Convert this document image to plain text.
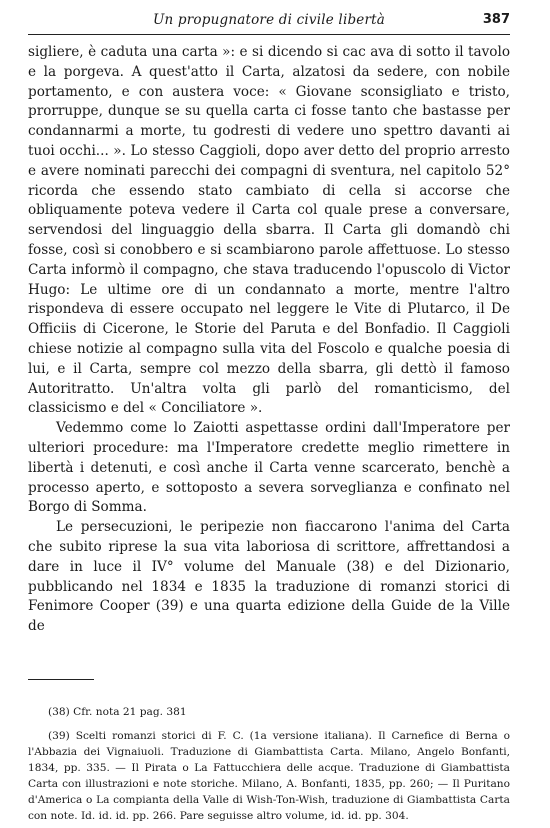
Un propugnatore di civile libertà	387

sigliere, è caduta una carta »: e si dicendo si cac ava di sotto il tavolo e la porgeva. A quest'atto il Carta, alzatosi da sedere, con nobile portamento, e con austera voce: « Giovane sconsigliato e tristo, prorruppe, dunque se su quella carta ci fosse tanto che bastasse per condannarmi a morte, tu godresti di vedere uno spettro davanti ai tuoi occhi... ». Lo stesso Caggioli, dopo aver detto del proprio arresto e avere nominati parecchi dei compagni di sventura, nel capitolo 52° ricorda che essendo stato cambiato di cella si accorse che obliquamente poteva vedere il Carta col quale prese a conversare, servendosi del linguaggio della sbarra. Il Carta gli domandò chi fosse, così si conobbero e si scambiarono parole affettuose. Lo stesso Carta informò il compagno, che stava traducendo l'opuscolo di Victor Hugo: Le ultime ore di un condannato a morte, mentre l'altro rispondeva di essere occupato nel leggere le Vite di Plutarco, il De Officiis di Cicerone, le Storie del Paruta e del Bonfadio. Il Caggioli chiese notizie al compagno sulla vita del Foscolo e qualche poesia di lui, e il Carta, sempre col mezzo della sbarra, gli dettò il famoso Autoritratto. Un'altra volta gli parlò del romanticismo, del classicismo e del « Conciliatore ».

Vedemmo come lo Zaiotti aspettasse ordini dall'Imperatore per ulteriori procedure: ma l'Imperatore credette meglio rimettere in libertà i detenuti, e così anche il Carta venne scarcerato, benchè a processo aperto, e sottoposto a severa sorveglianza e confinato nel Borgo di Somma.

Le persecuzioni, le peripezie non fiaccarono l'anima del Carta che subito riprese la sua vita laboriosa di scrittore, affrettandosi a dare in luce il IV° volume del Manuale (38) e del Dizionario, pubblicando nel 1834 e 1835 la traduzione di romanzi storici di Fenimore Cooper (39) e una quarta edizione della Guide de la Ville de

(38) Cfr. nota 21 pag. 381

(39) Scelti romanzi storici di F. C. (1a versione italiana). Il Carnefice di Berna o l'Abbazia dei Vignaiuoli. Traduzione di Giambattista Carta. Milano, Angelo Bonfanti, 1834, pp. 335. — Il Pirata o La Fattucchiera delle acque. Traduzione di Giambattista Carta con illustrazioni e note storiche. Milano, A. Bonfanti, 1835, pp. 260; — Il Puritano d'America o La compianta della Valle di Wish-Ton-Wish, traduzione di Giambattista Carta con note. Id. id. id. pp. 266. Pare seguisse altro volume, id. id. pp. 304.
